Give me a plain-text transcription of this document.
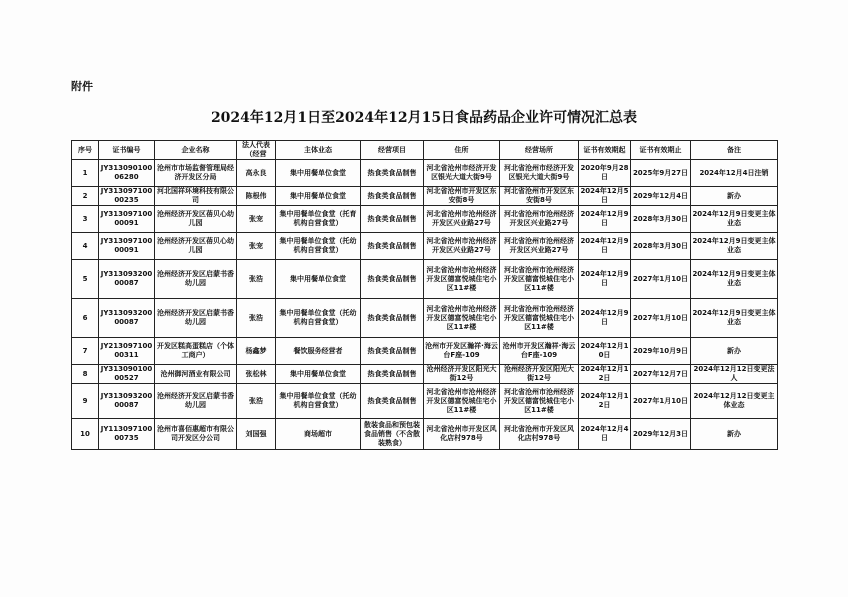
附件
2024年12月1日至2024年12月15日食品药品企业许可情况汇总表
序号	证书编号	企业名称	法人代表（经营	主体业态	经营项目	住所	经营场所	证书有效期起	证书有效期止	备注
1	JY31309010006280	沧州市市场监督管理局经济开发区分局	高永良	集中用餐单位食堂	热食类食品制售	河北省沧州市经济开发区银光大道大街9号	河北省沧州市经济开发区银光大道大街9号	2020年9月28日	2025年9月27日	2024年12月4日注销
2	JY31309710000235	河北国祥环境科技有限公司	陈根伟	集中用餐单位食堂	热食类食品制售	河北省沧州市开发区东安街8号	河北省沧州市开发区东安街8号	2024年12月5日	2029年12月4日	新办
3	JY31309710000091	沧州经济开发区蓓贝心幼儿园	张宠	集中用餐单位食堂（托育机构自营食堂）	热食类食品制售	河北省沧州市沧州经济开发区兴业路27号	河北省沧州市沧州经济开发区兴业路27号	2024年12月9日	2028年3月30日	2024年12月9日变更主体业态
4	JY31309710000091	沧州经济开发区蓓贝心幼儿园	张宠	集中用餐单位食堂（托幼机构自营食堂）	热食类食品制售	河北省沧州市沧州经济开发区兴业路27号	河北省沧州市沧州经济开发区兴业路27号	2024年12月9日	2028年3月30日	2024年12月9日变更主体业态
5	JY31309320000087	沧州经济开发区启蒙书香幼儿园	张浩	集中用餐单位食堂	热食类食品制售	河北省沧州市沧州经济开发区德富悦城住宅小区11#楼	河北省沧州市沧州经济开发区德富悦城住宅小区11#楼	2024年12月9日	2027年1月10日	2024年12月9日变更主体业态
6	JY31309320000087	沧州经济开发区启蒙书香幼儿园	张浩	集中用餐单位食堂（托幼机构自营食堂）	热食类食品制售	河北省沧州市沧州经济开发区德富悦城住宅小区11#楼	河北省沧州市沧州经济开发区德富悦城住宅小区11#楼	2024年12月9日	2027年1月10日	2024年12月9日变更主体业态
7	JY21309710000311	开发区糕高蛋糕店（个体工商户）	杨鑫梦	餐饮服务经营者	热食类食品制售	沧州市开发区瀚祥·海云台F座-109	沧州市开发区瀚祥·海云台F座-109	2024年12月10日	2029年10月9日	新办
8	JY31309010000527	沧州御河酒业有限公司	张松林	集中用餐单位食堂	热食类食品制售	沧州经济开发区阳光大街12号	沧州经济开发区阳光大街12号	2024年12月12日	2027年12月7日	2024年12月12日变更法人
9	JY31309320000087	沧州经济开发区启蒙书香幼儿园	张浩	集中用餐单位食堂（托幼机构自营食堂）	热食类食品制售	河北省沧州市沧州经济开发区德富悦城住宅小区11#楼	河北省沧州市沧州经济开发区德富悦城住宅小区11#楼	2024年12月12日	2027年1月10日	2024年12月12日变更主体业态
10	JY11309710000735	沧州市喜佰惠超市有限公司开发区分公司	刘国强	商场超市	散装食品和预包装食品销售（不含散装熟食）	河北省沧州市开发区风化店村978号	河北省沧州市开发区风化店村978号	2024年12月4日	2029年12月3日	新办
